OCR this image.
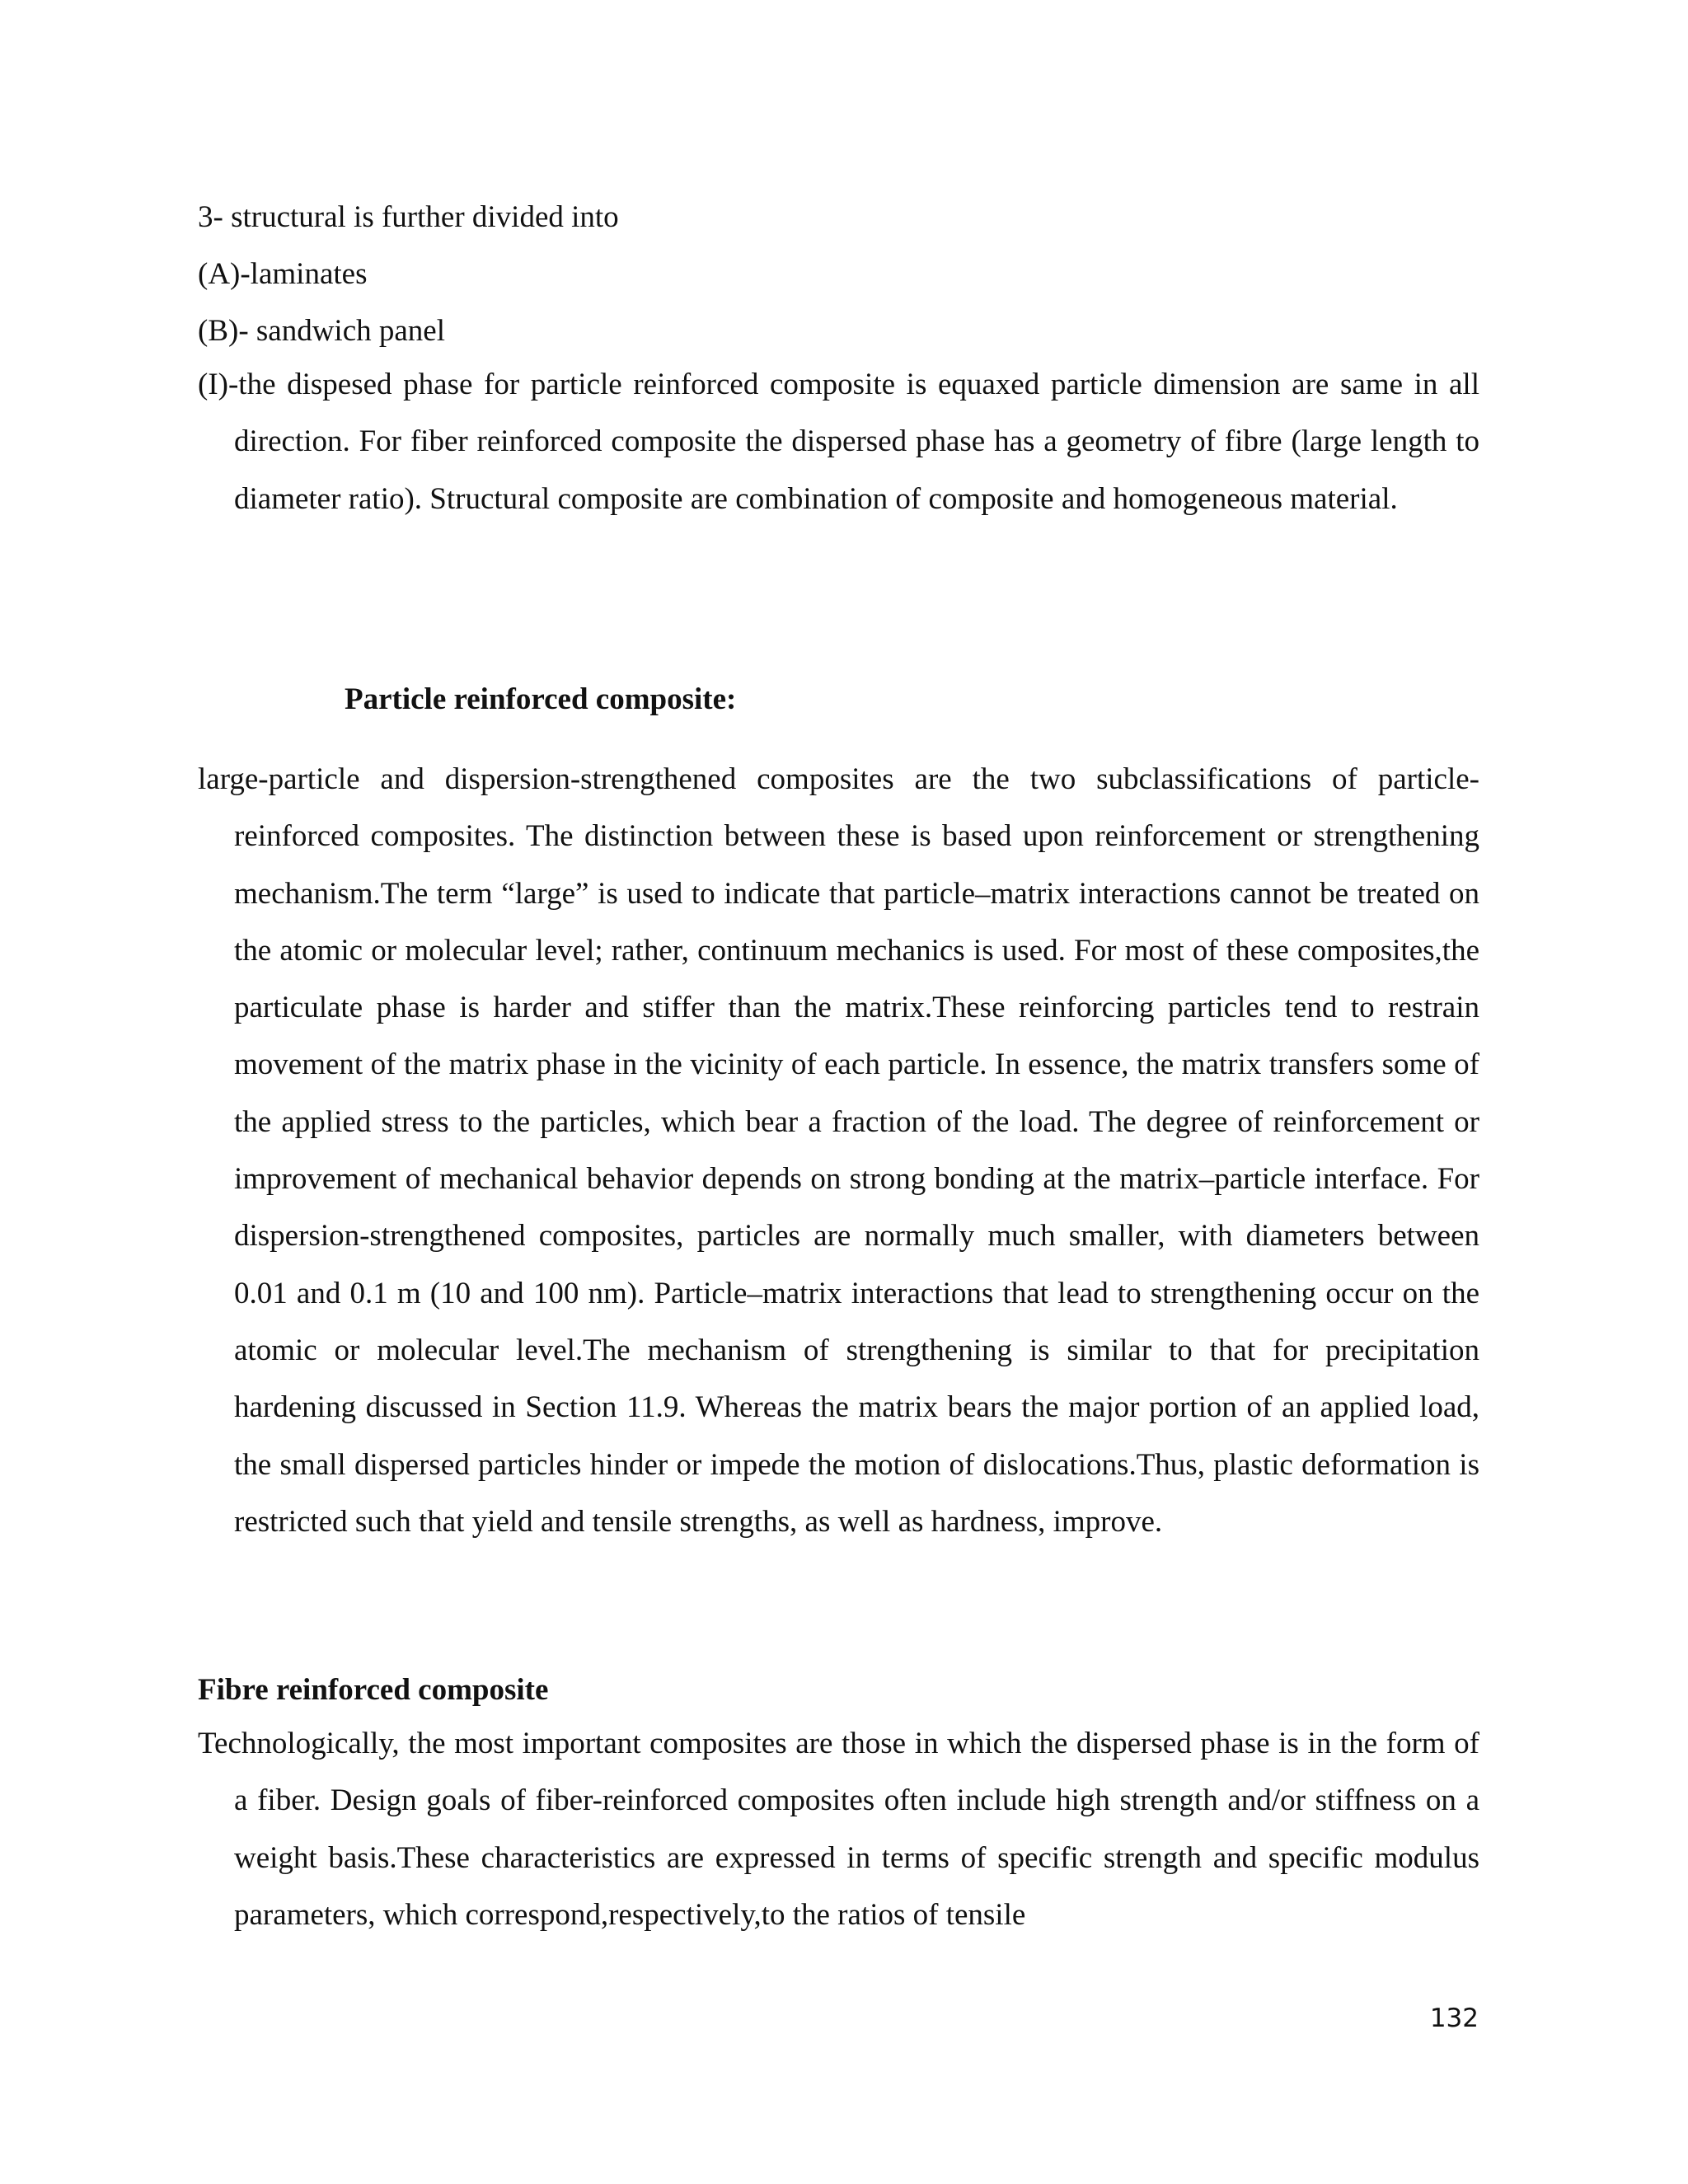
3- structural is further divided into
(A)-laminates
(B)- sandwich panel

(I)-the dispesed phase for particle reinforced composite is equaxed particle dimension are same in all direction. For fiber reinforced composite the dispersed phase has a geometry of fibre (large length to diameter ratio). Structural composite are combination of composite and homogeneous material.

Particle reinforced composite:

large-particle and dispersion-strengthened composites are the two subclassifications of particle-reinforced composites. The distinction between these is based upon reinforcement or strengthening mechanism.The term “large” is used to indicate that particle–matrix interactions cannot be treated on the atomic or molecular level; rather, continuum mechanics is used. For most of these composites,the particulate phase is harder and stiffer than the matrix.These reinforcing particles tend to restrain movement of the matrix phase in the vicinity of each particle. In essence, the matrix transfers some of the applied stress to the particles, which bear a fraction of the load. The degree of reinforcement or improvement of mechanical behavior depends on strong bonding at the matrix–particle interface. For dispersion-strengthened composites, particles are normally much smaller, with diameters between 0.01 and 0.1 m (10 and 100 nm). Particle–matrix interactions that lead to strengthening occur on the atomic or molecular level.The mechanism of strengthening is similar to that for precipitation hardening discussed in Section 11.9. Whereas the matrix bears the major portion of an applied load, the small dispersed particles hinder or impede the motion of dislocations.Thus, plastic deformation is restricted such that yield and tensile strengths, as well as hardness, improve.

Fibre reinforced composite

Technologically, the most important composites are those in which the dispersed phase is in the form of a fiber. Design goals of fiber-reinforced composites often include high strength and/or stiffness on a weight basis.These characteristics are expressed in terms of specific strength and specific modulus parameters, which correspond,respectively,to the ratios of tensile

132
